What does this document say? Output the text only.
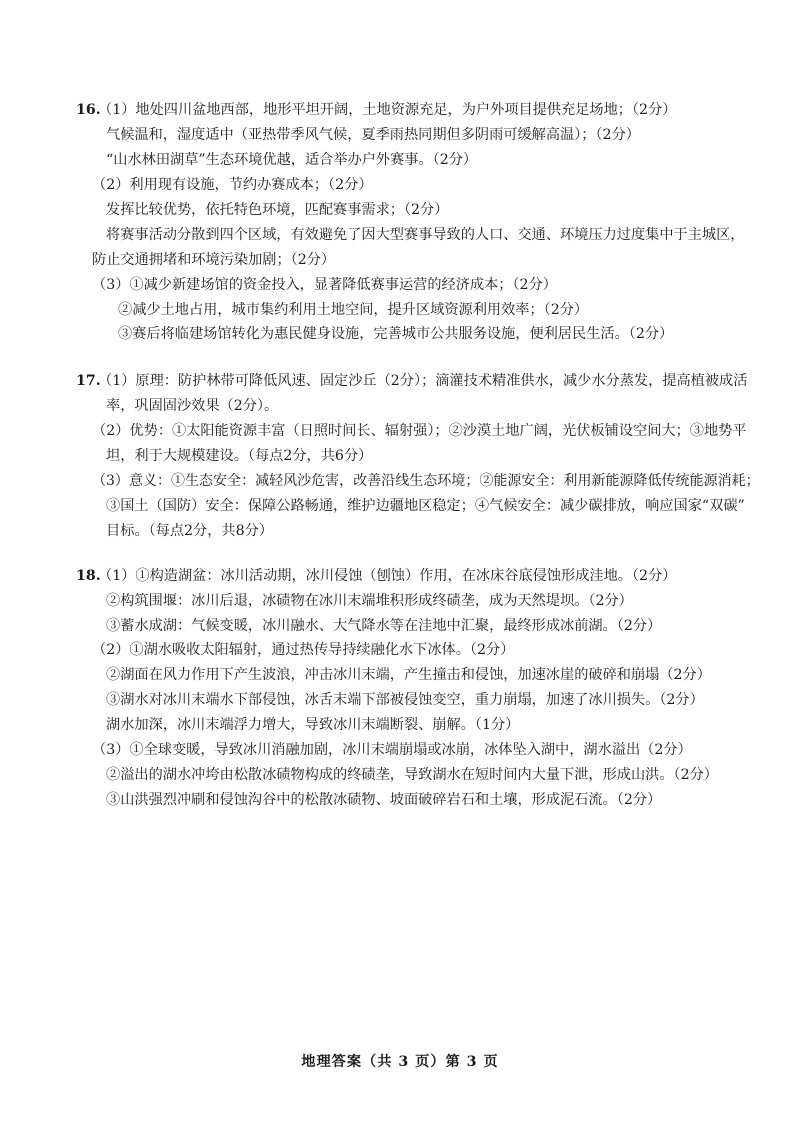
16.
（1）地处四川盆地西部，地形平坦开阔，土地资源充足，为户外项目提供充足场地；（2分）
气候温和，湿度适中（亚热带季风气候，夏季雨热同期但多阴雨可缓解高温）；（2分）
“山水林田湖草”生态环境优越，适合举办户外赛事。（2分）
（2）利用现有设施，节约办赛成本；（2分）
发挥比较优势，依托特色环境，匹配赛事需求；（2分）
将赛事活动分散到四个区域，有效避免了因大型赛事导致的人口、交通、环境压力过度集中于主城区，
防止交通拥堵和环境污染加剧；（2分）
（3）①减少新建场馆的资金投入，显著降低赛事运营的经济成本；（2分）
②减少土地占用，城市集约利用土地空间，提升区域资源利用效率；（2分）
③赛后将临建场馆转化为惠民健身设施，完善城市公共服务设施，便利居民生活。（2分）
17.
（1）原理：防护林带可降低风速、固定沙丘（2分）；滴灌技术精准供水，减少水分蒸发，提高植被成活
率，巩固固沙效果（2分）。
（2）优势：①太阳能资源丰富（日照时间长、辐射强）；②沙漠土地广阔，光伏板铺设空间大；③地势平
坦，利于大规模建设。（每点2分，共6分）
（3）意义：①生态安全：减轻风沙危害，改善沿线生态环境；②能源安全：利用新能源降低传统能源消耗；
③国土（国防）安全：保障公路畅通，维护边疆地区稳定；④气候安全：减少碳排放，响应国家“双碳”
目标。（每点2分，共8分）
18.
（1）①构造湖盆：冰川活动期，冰川侵蚀（刨蚀）作用，在冰床谷底侵蚀形成洼地。（2分）
②构筑围堰：冰川后退，冰碛物在冰川末端堆积形成终碛垄，成为天然堤坝。（2分）
③蓄水成湖：气候变暖，冰川融水、大气降水等在洼地中汇聚，最终形成冰前湖。（2分）
（2）①湖水吸收太阳辐射，通过热传导持续融化水下冰体。（2分）
②湖面在风力作用下产生波浪，冲击冰川末端，产生撞击和侵蚀，加速冰崖的破碎和崩塌（2分）
③湖水对冰川末端水下部侵蚀，冰舌末端下部被侵蚀变空，重力崩塌，加速了冰川损失。（2分）
湖水加深，冰川末端浮力增大，导致冰川末端断裂、崩解。（1分）
（3）①全球变暖，导致冰川消融加剧，冰川末端崩塌或冰崩，冰体坠入湖中，湖水溢出（2分）
②溢出的湖水冲垮由松散冰碛物构成的终碛垄，导致湖水在短时间内大量下泄，形成山洪。（2分）
③山洪强烈冲刷和侵蚀沟谷中的松散冰碛物、坡面破碎岩石和土壤，形成泥石流。（2分）
地理答案（共 3 页）第 3 页
